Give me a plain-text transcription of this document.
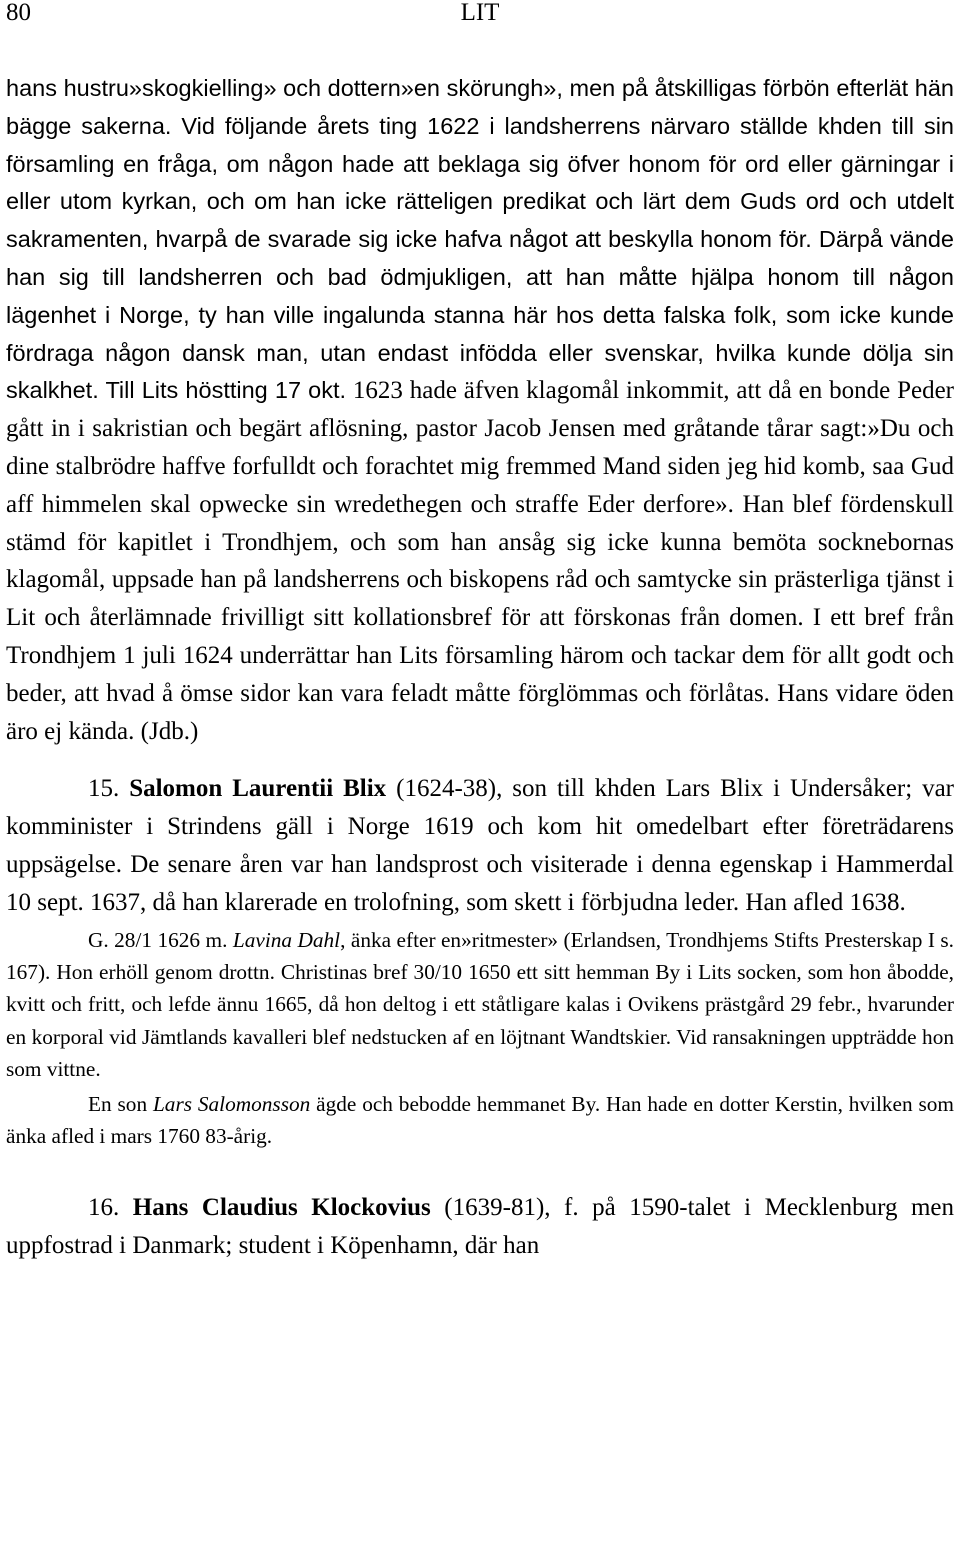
80	LIT

hans hustru»skogkielling» och dottern»en skörungh», men på åtskilligas förbön efterlät hän bägge sakerna. Vid följande årets ting 1622 i landsherrens närvaro ställde khden till sin församling en fråga, om någon hade att beklaga sig öfver honom för ord eller gärningar i eller utom kyrkan, och om han icke rätteligen predikat och lärt dem Guds ord och utdelt sakramenten, hvarpå de svarade sig icke hafva något att beskylla honom för. Därpå vände han sig till landsherren och bad ödmjukligen, att han måtte hjälpa honom till någon lägenhet i Norge, ty han ville ingalunda stanna här hos detta falska folk, som icke kunde fördraga någon dansk man, utan endast infödda eller svenskar, hvilka kunde dölja sin skalkhet. Till Lits höstting 17 okt. 1623 hade äfven klagomål inkommit, att då en bonde Peder gått in i sakristian och begärt aflösning, pastor Jacob Jensen med gråtande tårar sagt:»Du och dine stalbrödre haffve forfulldt och forachtet mig fremmed Mand siden jeg hid komb, saa Gud aff himmelen skal opwecke sin wredethegen och straffe Eder derfore». Han blef fördenskull stämd för kapitlet i Trondhjem, och som han ansåg sig icke kunna bemöta socknebornas klagomål, uppsade han på landsherrens och biskopens råd och samtycke sin prästerliga tjänst i Lit och återlämnade frivilligt sitt kollationsbref för att förskonas från domen. I ett bref från Trondhjem 1 juli 1624 underrättar han Lits församling härom och tackar dem för allt godt och beder, att hvad å ömse sidor kan vara feladt måtte förglömmas och förlåtas. Hans vidare öden äro ej kända. (Jdb.)

15. Salomon Laurentii Blix (1624-38), son till khden Lars Blix i Undersåker; var komminister i Strindens gäll i Norge 1619 och kom hit omedelbart efter företrädarens uppsägelse. De senare åren var han landsprost och visiterade i denna egenskap i Hammerdal 10 sept. 1637, då han klarerade en trolofning, som skett i förbjudna leder. Han afled 1638.

G. 28/1 1626 m. Lavina Dahl, änka efter en»ritmester» (Erlandsen, Trondhjems Stifts Presterskap I s. 167). Hon erhöll genom drottn. Christinas bref 30/10 1650 ett sitt hemman By i Lits socken, som hon åbodde, kvitt och fritt, och lefde ännu 1665, då hon deltog i ett ståtligare kalas i Ovikens prästgård 29 febr., hvarunder en korporal vid Jämtlands kavalleri blef nedstucken af en löjtnant Wandtskier. Vid ransakningen uppträdde hon som vittne.

En son Lars Salomonsson ägde och bebodde hemmanet By. Han hade en dotter Kerstin, hvilken som änka afled i mars 1760 83-årig.

16. Hans Claudius Klockovius (1639-81), f. på 1590-talet i Mecklenburg men uppfostrad i Danmark; student i Köpenhamn, där han
